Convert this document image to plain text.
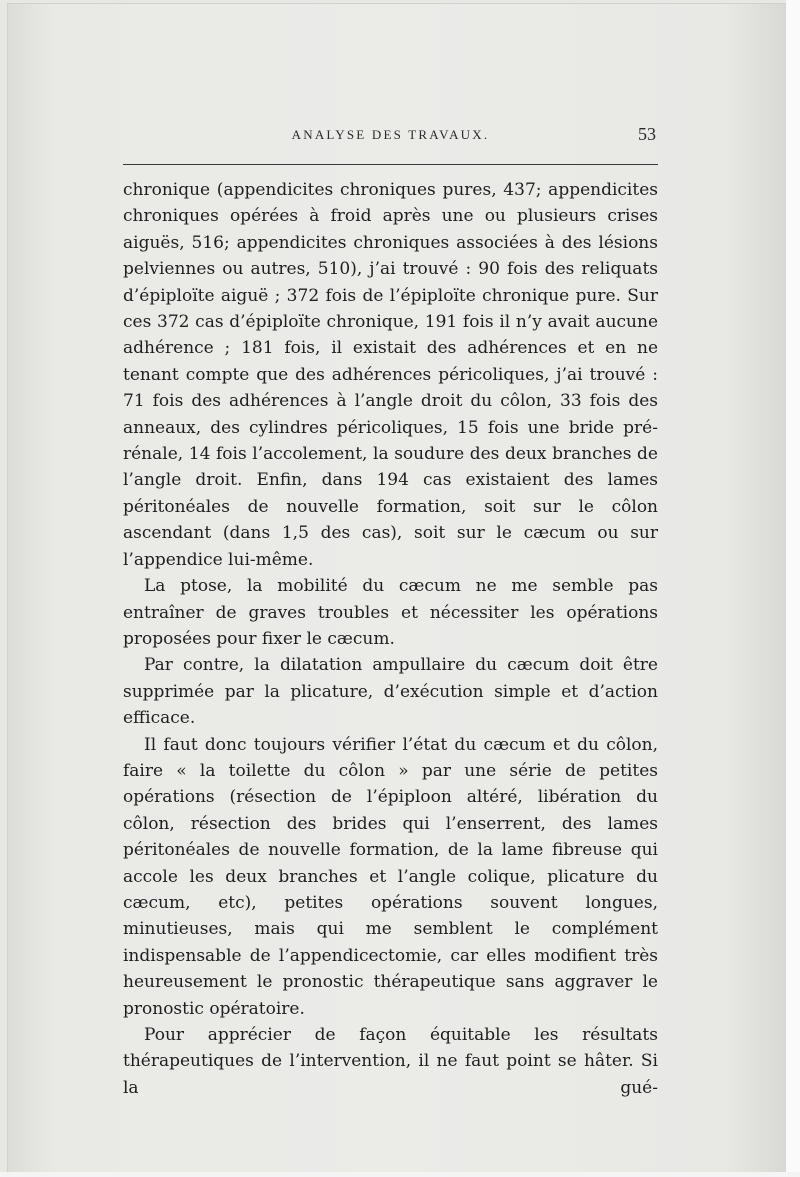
ANALYSE DES TRAVAUX.	53

chronique (appendicites chroniques pures, 437; appendicites chroniques opérées à froid après une ou plusieurs crises aiguës, 516; appendicites chroniques associées à des lésions pelviennes ou autres, 510), j’ai trouvé : 90 fois des reliquats d’épiploïte aiguë ; 372 fois de l’épiploïte chronique pure. Sur ces 372 cas d’épiploïte chronique, 191 fois il n’y avait aucune adhérence ; 181 fois, il existait des adhérences et en ne tenant compte que des adhérences péricoliques, j’ai trouvé : 71 fois des adhérences à l’angle droit du côlon, 33 fois des anneaux, des cylindres péricoliques, 15 fois une bride pré-rénale, 14 fois l’accolement, la soudure des deux branches de l’angle droit. Enfin, dans 194 cas existaient des lames péritonéales de nouvelle formation, soit sur le côlon ascendant (dans 1,5 des cas), soit sur le cæcum ou sur l’appendice lui-même.

La ptose, la mobilité du cæcum ne me semble pas entraîner de graves troubles et nécessiter les opérations proposées pour fixer le cæcum.

Par contre, la dilatation ampullaire du cæcum doit être supprimée par la plicature, d’exécution simple et d’action efficace.

Il faut donc toujours vérifier l’état du cæcum et du côlon, faire « la toilette du côlon » par une série de petites opérations (résection de l’épiploon altéré, libération du côlon, résection des brides qui l’enserrent, des lames péritonéales de nouvelle formation, de la lame fibreuse qui accole les deux branches et l’angle colique, plicature du cæcum, etc), petites opérations souvent longues, minutieuses, mais qui me semblent le complément indispensable de l’appendicectomie, car elles modifient très heureusement le pronostic thérapeutique sans aggraver le pronostic opératoire.

Pour apprécier de façon équitable les résultats thérapeutiques de l’intervention, il ne faut point se hâter. Si la gué-
